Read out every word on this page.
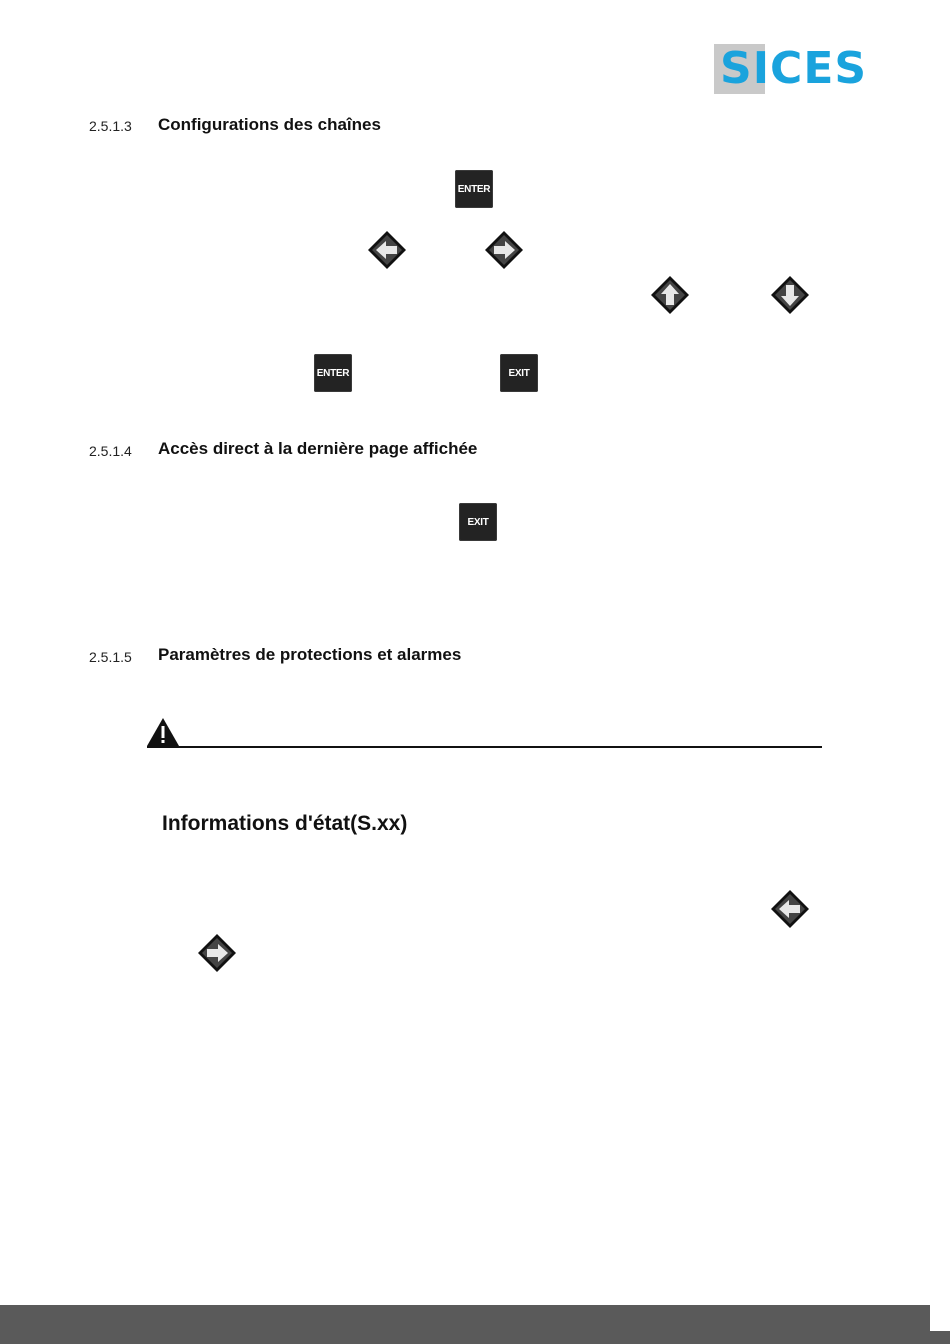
SICES
2.5.1.3 Configurations des chaînes
ENTER
ENTER	EXIT
2.5.1.4 Accès direct à la dernière page affichée
EXIT
2.5.1.5 Paramètres de protections et alarmes
Informations d'état(S.xx)
